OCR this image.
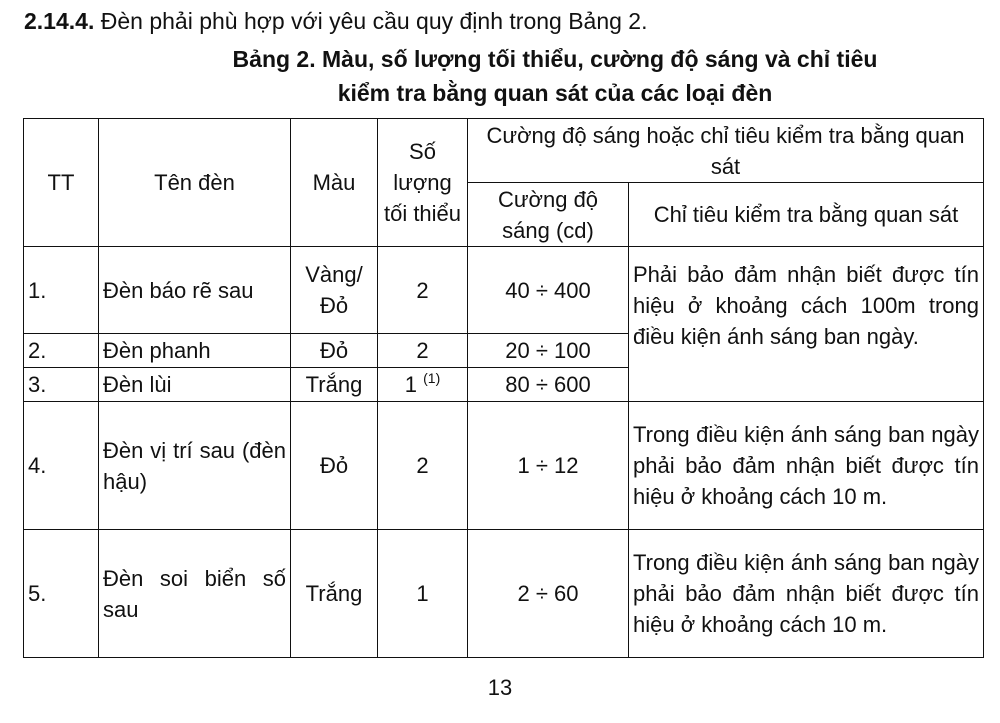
2.14.4. Đèn phải phù hợp với yêu cầu quy định trong Bảng 2.
Bảng 2. Màu, số lượng tối thiểu, cường độ sáng và chỉ tiêu
kiểm tra bằng quan sát của các loại đèn
TT	Tên đèn	Màu	Số lượng tối thiểu	Cường độ sáng hoặc chỉ tiêu kiểm tra bằng quan sát	
				Cường độ sáng (cd)	Chỉ tiêu kiểm tra bằng quan sát
1.	Đèn báo rẽ sau	Vàng/ Đỏ	2	40 ÷ 400	Phải bảo đảm nhận biết được tín hiệu ở khoảng cách 100m trong điều kiện ánh sáng ban ngày.
2.	Đèn phanh	Đỏ	2	20 ÷ 100	
3.	Đèn lùi	Trắng	1 $^{(1)}$	80 ÷ 600	
4.	Đèn vị trí sau (đèn hậu)	Đỏ	2	1 ÷ 12	Trong điều kiện ánh sáng ban ngày phải bảo đảm nhận biết được tín hiệu ở khoảng cách 10 m.
5.	Đèn soi biển số sau	Trắng	1	2 ÷ 60	Trong điều kiện ánh sáng ban ngày phải bảo đảm nhận biết được tín hiệu ở khoảng cách 10 m.
13
